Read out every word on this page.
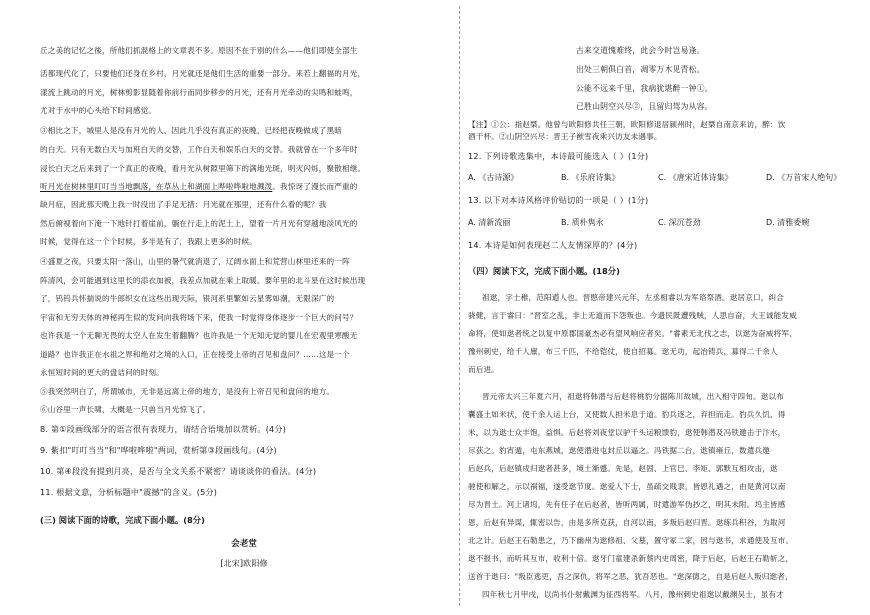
丘之美的记忆之後，所他们抓混格上的文章表不多。原因不在于别的什么——他们即使全部生

活都现代化了，只要他们还身在乡村，月光就还是他们生活的重要一部分。来若上翻福的月光，

漾流上跳动的月光，树林剪影显随着你前行而同步移步的月光，还有月光牵动的尖鸣和蛙鸣，

尤对于水中的心头给下时间感觉。

③相比之下，城里人是没有月光的人，因此几乎没有真正的夜晚，已经把夜晚做成了黑暗

的白天。只有无数白天与加班白天的交替，工作白天和娱乐白天的交替。我就曾在一个多年时

浸长白天之后来到了一个真正的夜晚，看月光从树隙里筛下的满地光斑，明灭闪烁，聚散相继。

听月光在树林里叮叮当当地飘落，在草丛上和湖面上哗啦哗啦地溅泼。我惊讶了漫长而严重的

缺月症，因此那天晚上我一时没出了手足无措：月光就在那里，还有什么看的呢？我

然后俯视着向下淹一下地针打着崖前，躺在行走上的泥土上，望着一片月光有穿越地淡风光的

时候，觉得在这一个个时候，多半是有了，我跟上更多的时候。

④盛夏之夜，只要太阳一落山，山里的暑气就消退了，辽阔水面上和荒营山林里还来的一阵

阵清风，会可能遇到这里长的添衣加被，我差点加就在乘上取暖。要年里的北斗星在这时候出现

了，钨钨兵怀揣说的牛郎织女在这些出现天际，银河系里繁如云星雾如潮，无限深广的

宇宙和无穷天体的神秘再生似的发问向我将场下来，使我一时觉得身体逐步一个巨大的问号？

也许我是一个无聊无畏的太空人在发生着翻腾？也许我是一个无知无觉的婴儿在宏观里寒酸无

道路？也许我正在水祖之界和绝对之境的入口，正在接受上帝的召见和盘问？……这是一个

永恒短时间的更大的盘诘问的时刻。

⑤我突然明白了，所谓城市，无非是远离上帝的地方，是没有上帝召见和盘问的地方。

⑥山谷里一声长啸，大概是一只兽当月光惊飞了。

8. 第①段画线部分的语言很有表现力，请结合语境加以赏析。(4分)

9. 紫扣"叮叮当当"和"哗啦哗啦"两词，赏析第③段画线句。(4分)

10. 第④段没有提到月亮，是否与全文关系不紧密？请谈谈你的看法。(4分)

11. 根据文意，分析标题中"震撼"的含义。(5分)

(三) 阅读下面的诗歌，完成下面小题。(8分)

会老堂

[北宋]欧阳修

古来交道愧难终，此会今时岂易逢。

出处三朝俱白首，凋零万木见青松。

公能不远来千里，我病犹堪醉一钟①。

已胜山阴空兴尽②，且留归驾为从容。

【注】①公：指赵槩。他曾与欧阳修共任三朝，欧阳修退居颍州时，赵槩自南京来访，醉：饮

酒干杯。②山阴空兴尽：晋王子猷雪夜乘兴访友未遇事。

12. 下列诗歌选集中，本诗最可能选入（ ）(1分)

A. 《古诗源》	B. 《乐府诗集》	C. 《唐宋近体诗集》	D. 《万首宋人绝句》

13. 以下对本诗风格评价贴切的一项是（ ）(1分)

A. 清新流丽	B. 质朴隽永	C. 深沉苍劲	D. 清雅委婉

14. 本诗是如何表现赵二人友情深厚的？(4分)

（四）阅读下文，完成下面小题。(18分)

祖逖，字士稚，范阳遒人也。晋愍帝建兴元年，左丞相睿以为军谘祭酒。逖居京口，纠合

骁健，言于睿曰："晋室之乱，非上无道而下怨叛也。今遗民既遭残贼，人思自奋，大王诚能发威

命将，使如逖者统之以复中原郡国豪杰必有望风响应者矣。"睿素无北伐之志，以逖为奋威将军、

豫州刺史，给千人廪，布三千匹，不给铠仗，使自招募。逖无功，起冶铸兵，募得二千余人

而后进。

晋元帝太兴三年夏六月，祖逖将韩潜与后赵将桃豹分据陈川故城，出入相守四旬。逖以布

囊盛土如米状，使千余人运上台，又使数人担米息于道。豹兵逐之，弃担而走。豹兵久饥，得

米，以为逖士众丰饱，益惧。后赵将刘夜堂以驴千头运粮馈豹，逖使韩潜及冯铁邀击于汴水，

尽获之。豹宵遁，屯东燕城，逖使潜进屯封丘以逼之。冯铁据二台，逖镇雍丘，数遣兵邀

后赵兵，后赵镇戍归逖者甚多，境土渐蹙。先是，赵固、上官巳、李矩、郭默互相攻击，逖

驰使和解之，示以祸福，遂受逖节度。逖爱人下士，虽疏交贱隶，皆恩礼遇之，由是黄河以南

尽为晋土。河上诸坞，先有任子在后赵者，皆听两属，时遣游军伪抄之，明其未附。坞主皆感

恩，后赵有异谋，辄密以告，由是多所克获，自河以南，多叛后赵归晋。逖练兵积谷，为取河

北之计。后赵王石勒患之，乃下幽州为逖修祖、父墓，置守冢二家，因与逖书，求通使及互市。

逖不报书，而听其互市，收利十倍。逖牙门童建杀新蔡内史周密，降于后赵，后赵王石勒斩之，

送首于逖曰："叛臣逃吏，吾之深仇，将军之恶，犹吾恶也。"逖深德之，自是后赵人叛归逖者，

四年秋七月甲戌，以尚书仆射戴渊为征西将军。八月，豫州刺史祖逖以戴渊吴士，虽有才
